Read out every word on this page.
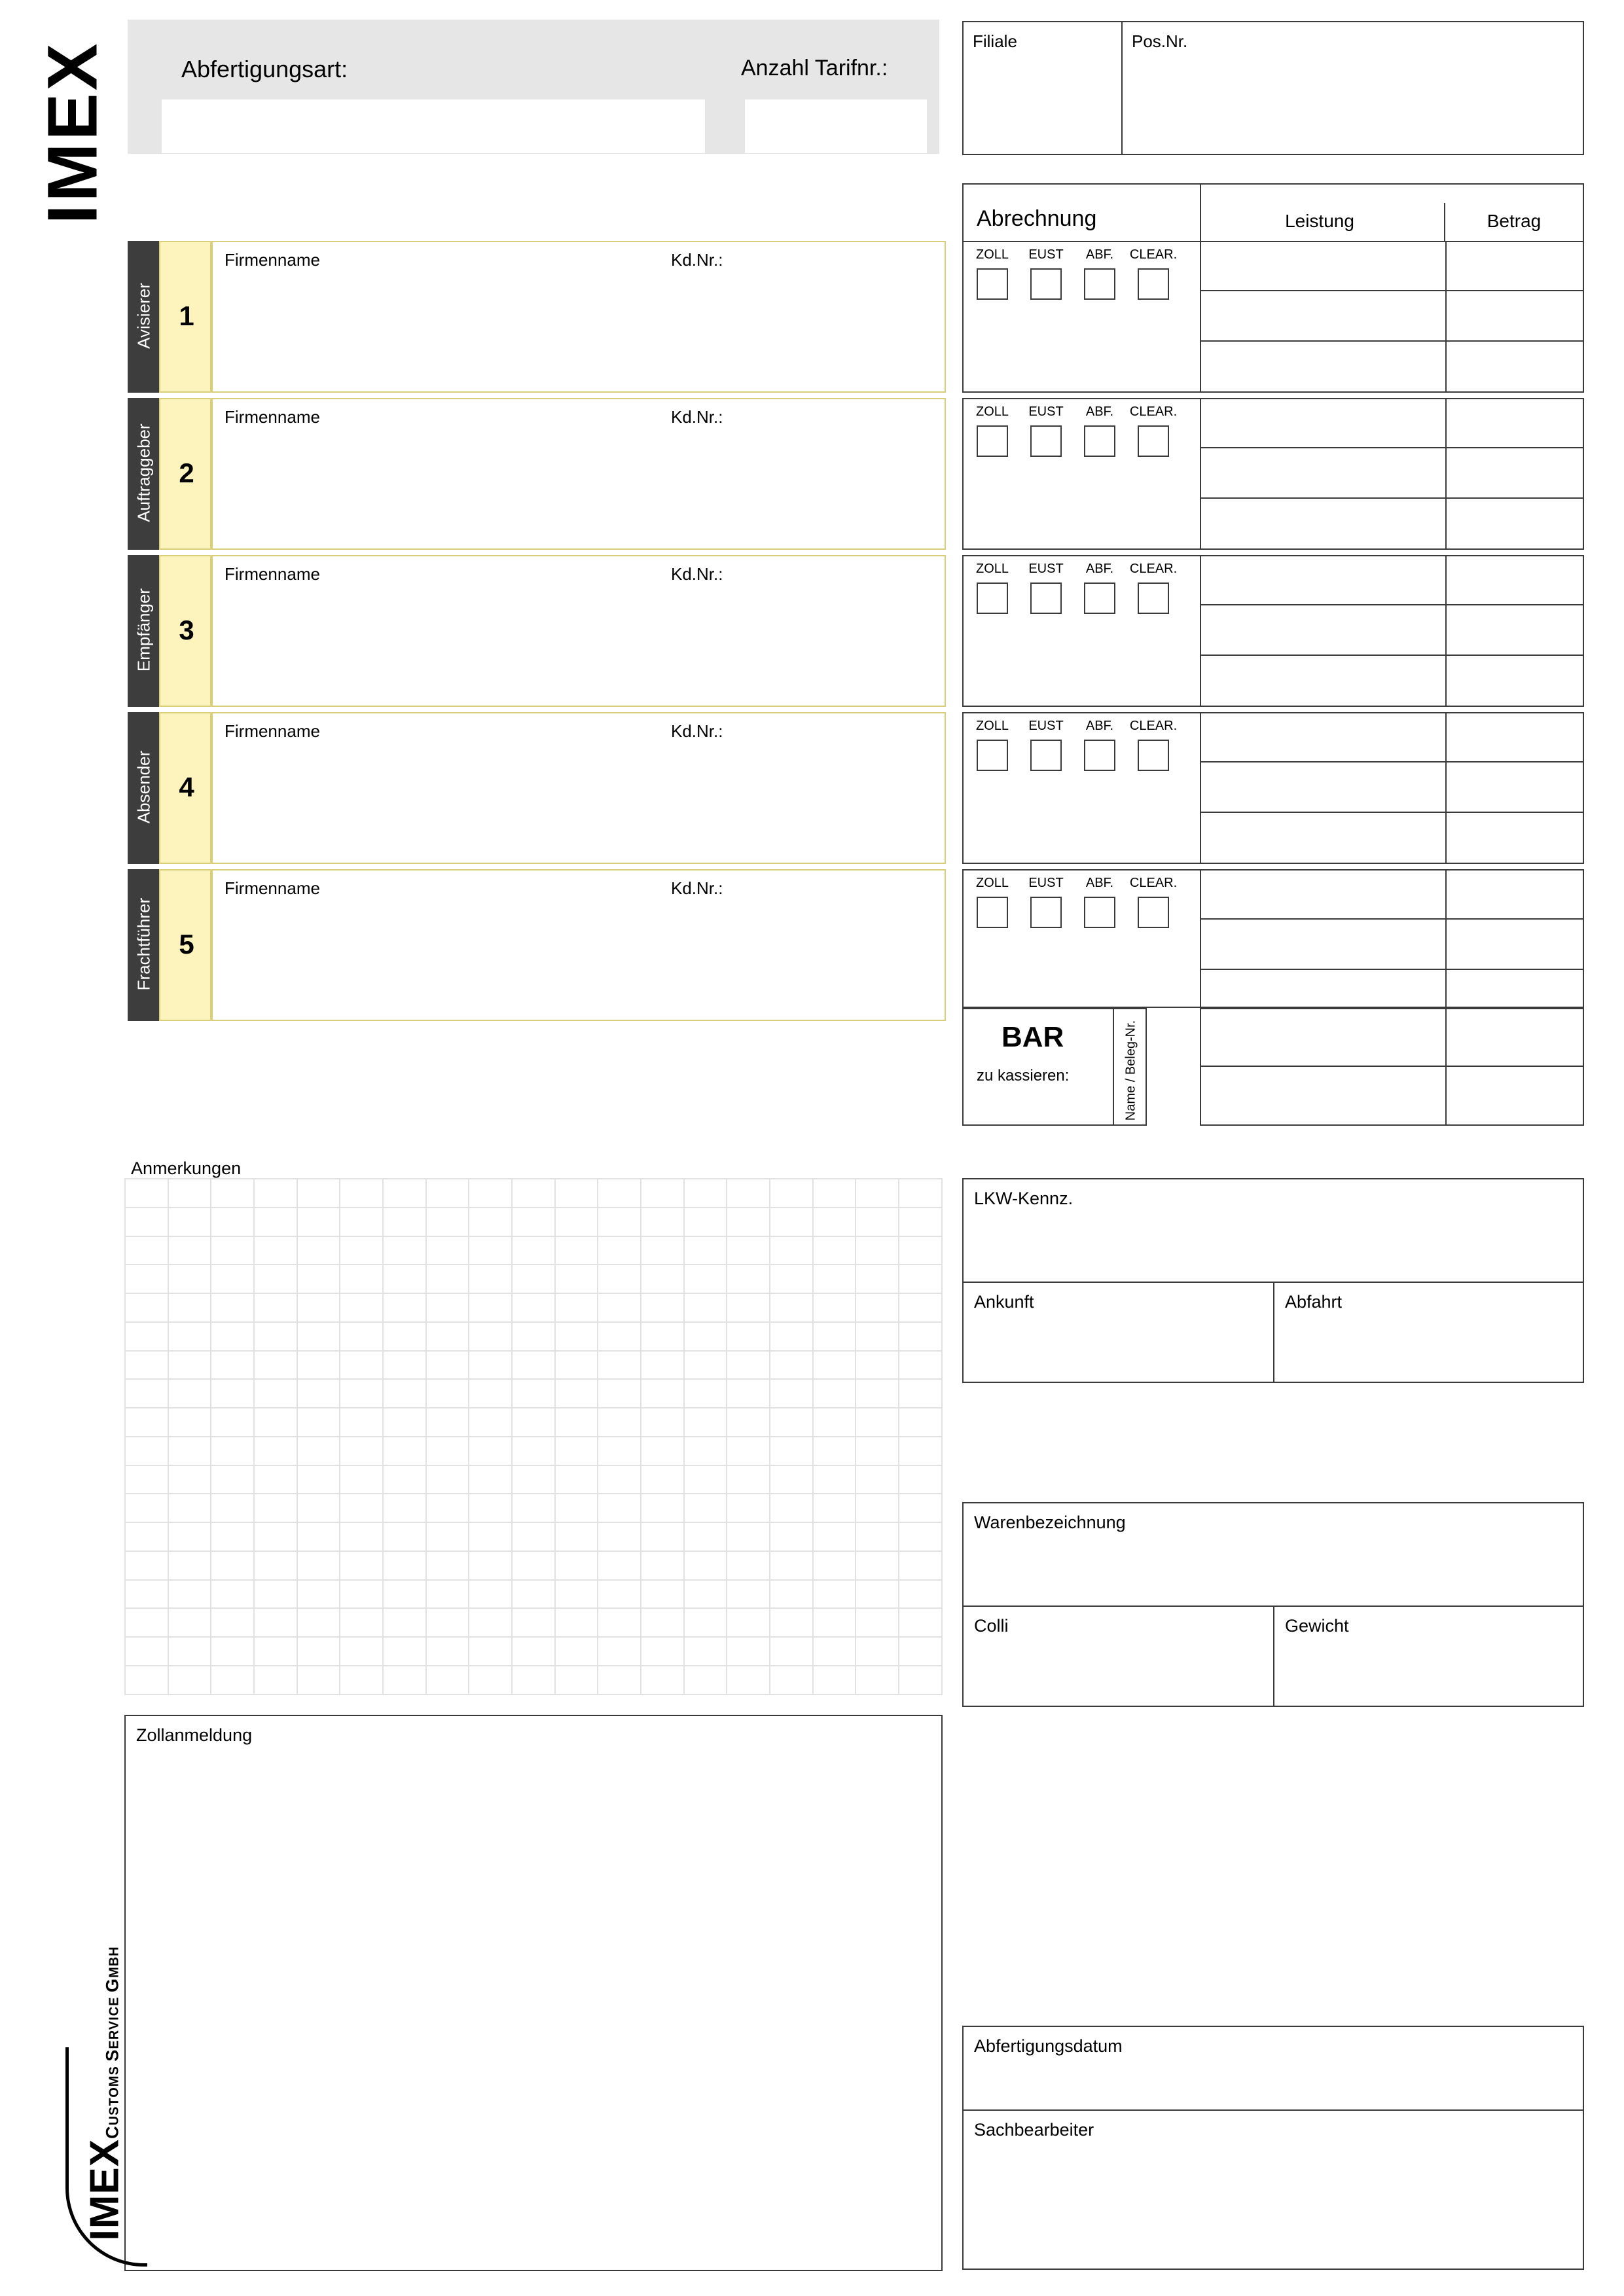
IMEX	Abfertigungsart:	Anzahl Tarifnr.:
Filiale	Pos.Nr.
Abrechnung	Leistung	Betrag
Avisierer 1
Firmenname	Kd.Nr.:	ZOLL	EUST	ABF.	CLEAR.
Auftraggeber 2
Firmenname	Kd.Nr.:	ZOLL	EUST	ABF.	CLEAR.
Empfänger 3
Firmenname	Kd.Nr.:	ZOLL	EUST	ABF.	CLEAR.
Absender 4
Firmenname	Kd.Nr.:	ZOLL	EUST	ABF.	CLEAR.
Frachtführer 5
Firmenname	Kd.Nr.:	ZOLL	EUST	ABF.	CLEAR.
BAR
zu kassieren:	Name / Beleg-Nr.
Anmerkungen

LKW-Kennz.
Ankunft	Abfahrt
Warenbezeichnung
Colli	Gewicht
Zollanmeldung
Abfertigungsdatum
Sachbearbeiter
IMEXCUSTOMS SERVICE GMBH
